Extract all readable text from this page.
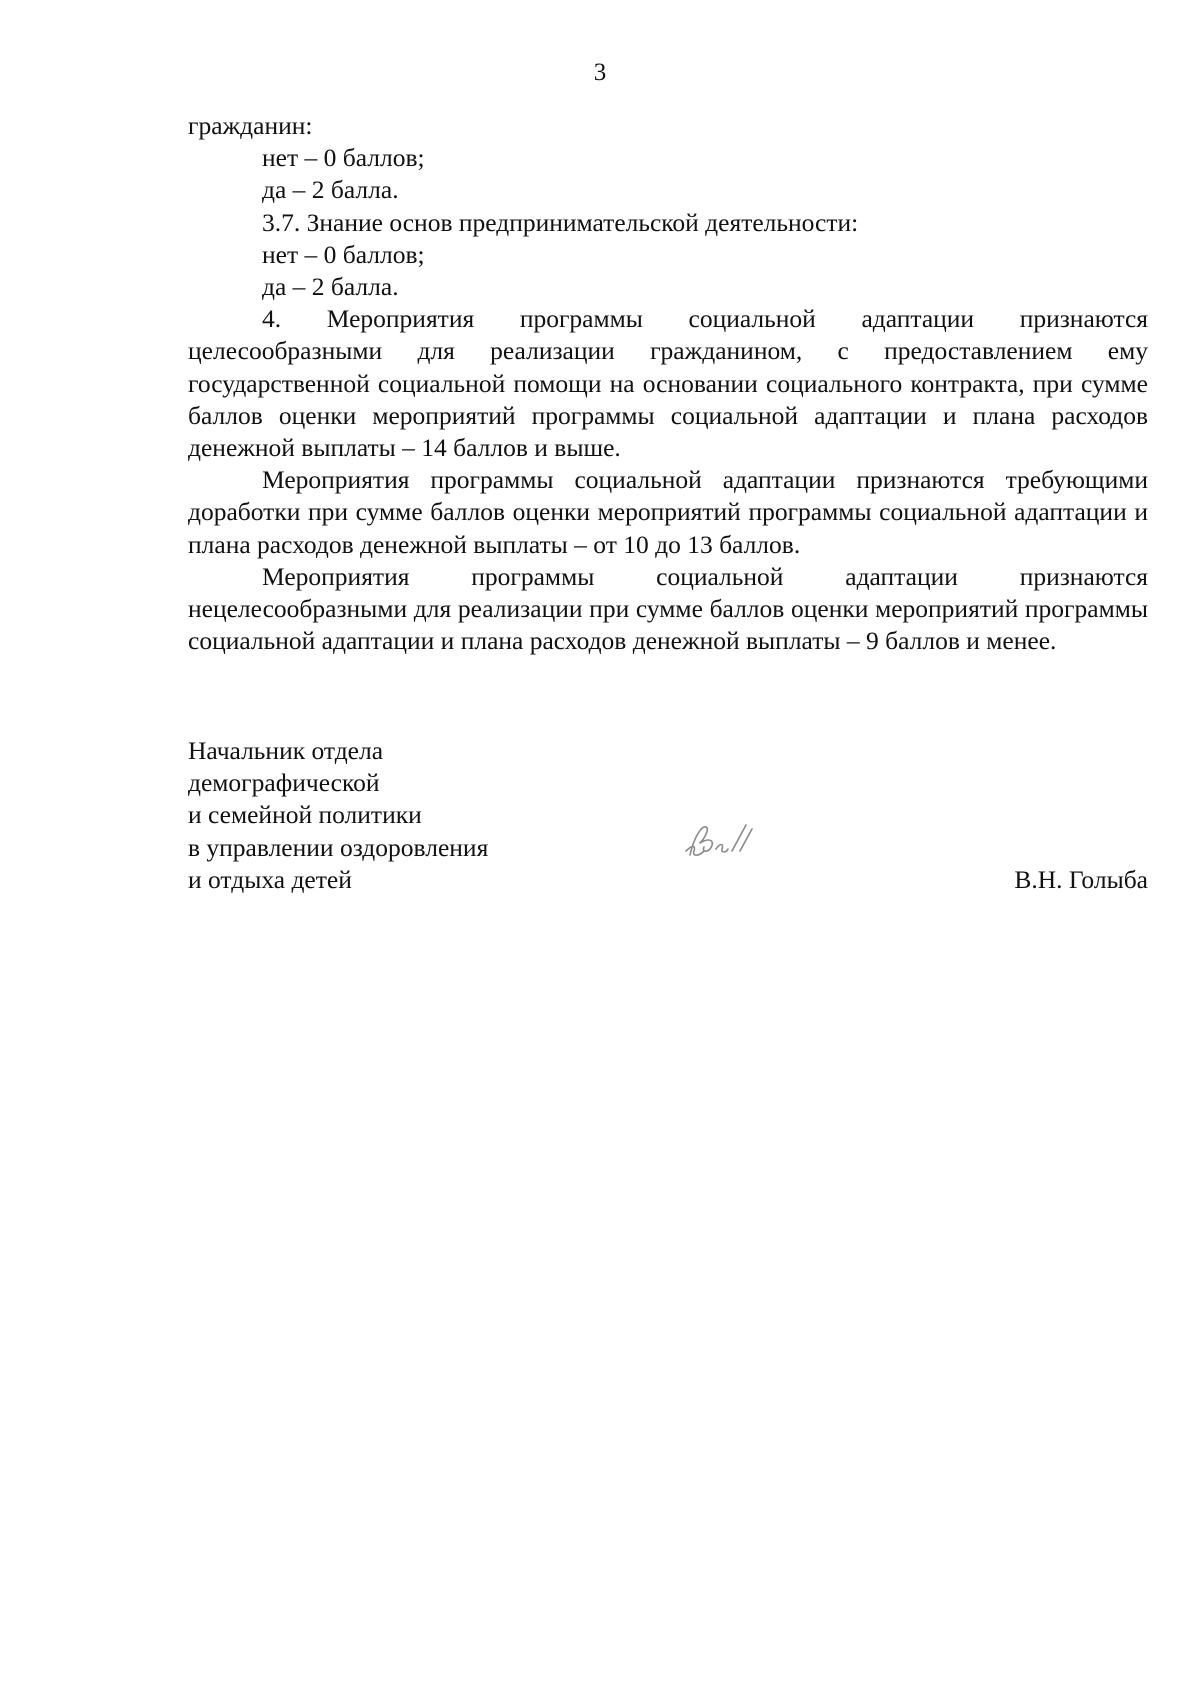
3

гражданин:

нет – 0 баллов;

да – 2 балла.

3.7. Знание основ предпринимательской деятельности:

нет – 0 баллов;

да – 2 балла.

4. Мероприятия программы социальной адаптации признаются целесообразными для реализации гражданином, с предоставлением ему государственной социальной помощи на основании социального контракта, при сумме баллов оценки мероприятий программы социальной адаптации и плана расходов денежной выплаты – 14 баллов и выше.

Мероприятия программы социальной адаптации признаются требующими доработки при сумме баллов оценки мероприятий программы социальной адаптации и плана расходов денежной выплаты – от 10 до 13 баллов.

Мероприятия программы социальной адаптации признаются нецелесообразными для реализации при сумме баллов оценки мероприятий программы социальной адаптации и плана расходов денежной выплаты – 9 баллов и менее.

Начальник отдела
демографической
и семейной политики
в управлении оздоровления
и отдыха детей	В.Н. Голыба
